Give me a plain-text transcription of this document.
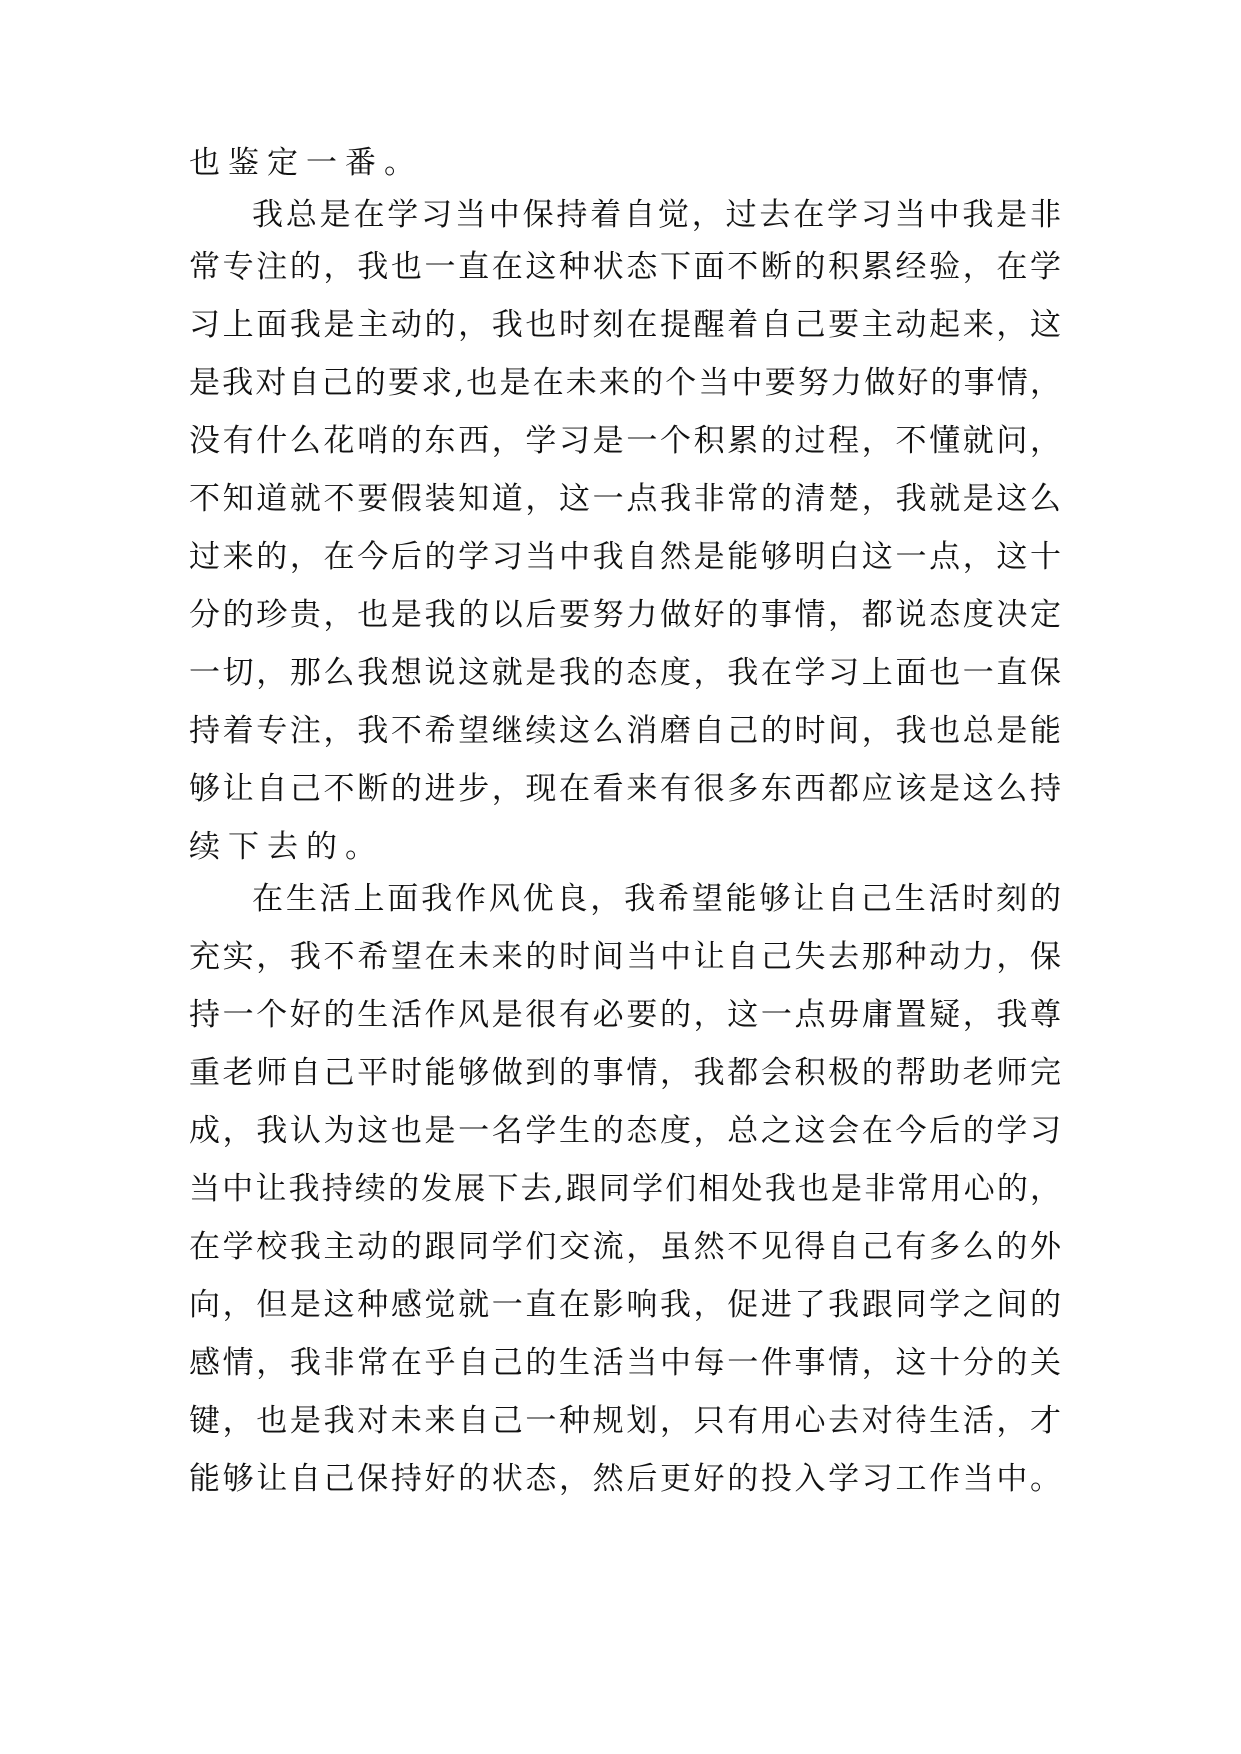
也鉴定一番。
我总是在学习当中保持着自觉，过去在学习当中我是非
常专注的，我也一直在这种状态下面不断的积累经验，在学
习上面我是主动的，我也时刻在提醒着自己要主动起来，这
是我对自己的要求,也是在未来的个当中要努力做好的事情，
没有什么花哨的东西，学习是一个积累的过程，不懂就问，
不知道就不要假装知道，这一点我非常的清楚，我就是这么
过来的，在今后的学习当中我自然是能够明白这一点，这十
分的珍贵，也是我的以后要努力做好的事情，都说态度决定
一切，那么我想说这就是我的态度，我在学习上面也一直保
持着专注，我不希望继续这么消磨自己的时间，我也总是能
够让自己不断的进步，现在看来有很多东西都应该是这么持
续下去的。
在生活上面我作风优良，我希望能够让自己生活时刻的
充实，我不希望在未来的时间当中让自己失去那种动力，保
持一个好的生活作风是很有必要的，这一点毋庸置疑，我尊
重老师自己平时能够做到的事情，我都会积极的帮助老师完
成，我认为这也是一名学生的态度，总之这会在今后的学习
当中让我持续的发展下去,跟同学们相处我也是非常用心的，
在学校我主动的跟同学们交流，虽然不见得自己有多么的外
向，但是这种感觉就一直在影响我，促进了我跟同学之间的
感情，我非常在乎自己的生活当中每一件事情，这十分的关
键，也是我对未来自己一种规划，只有用心去对待生活，才
能够让自己保持好的状态，然后更好的投入学习工作当中。
